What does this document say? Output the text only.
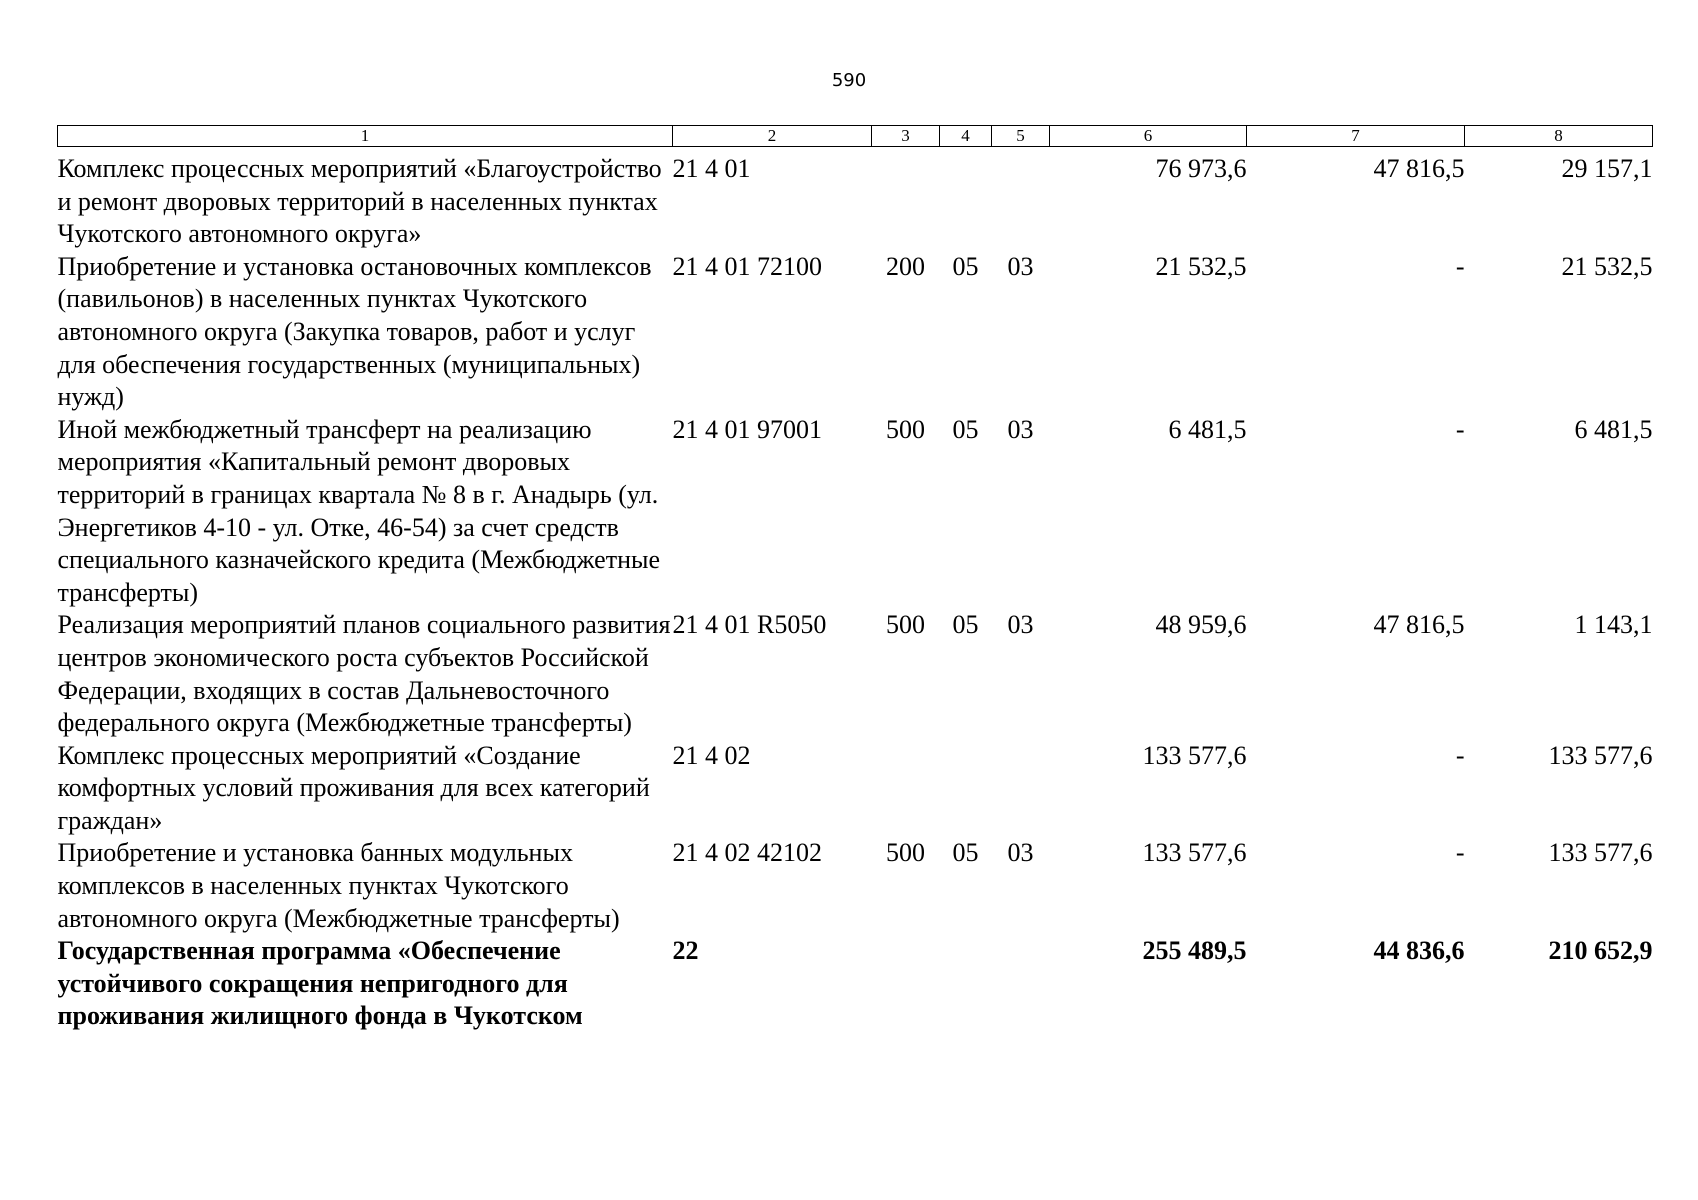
590
1	2	3	4	5	6	7	8
Комплекс процессных мероприятий «Благоустройство и ремонт дворовых территорий в населенных пунктах Чукотского автономного округа»	21 4 01				76 973,6	47 816,5	29 157,1
Приобретение и установка остановочных комплексов (павильонов) в населенных пунктах Чукотского автономного округа (Закупка товаров, работ и услуг для обеспечения государственных (муниципальных) нужд)	21 4 01 72100	200	05	03	21 532,5	-	21 532,5
Иной межбюджетный трансферт на реализацию мероприятия «Капитальный ремонт дворовых территорий в границах квартала № 8 в г. Анадырь (ул. Энергетиков 4-10 - ул. Отке, 46-54) за счет средств специального казначейского кредита (Межбюджетные трансферты)	21 4 01 97001	500	05	03	6 481,5	-	6 481,5
Реализация мероприятий планов социального развития центров экономического роста субъектов Российской Федерации, входящих в состав Дальневосточного федерального округа (Межбюджетные трансферты)	21 4 01 R5050	500	05	03	48 959,6	47 816,5	1 143,1
Комплекс процессных мероприятий «Создание комфортных условий проживания для всех категорий граждан»	21 4 02				133 577,6	-	133 577,6
Приобретение и установка банных модульных комплексов в населенных пунктах Чукотского автономного округа (Межбюджетные трансферты)	21 4 02 42102	500	05	03	133 577,6	-	133 577,6
Государственная программа «Обеспечение устойчивого сокращения непригодного для проживания жилищного фонда в Чукотском	22				255 489,5	44 836,6	210 652,9
